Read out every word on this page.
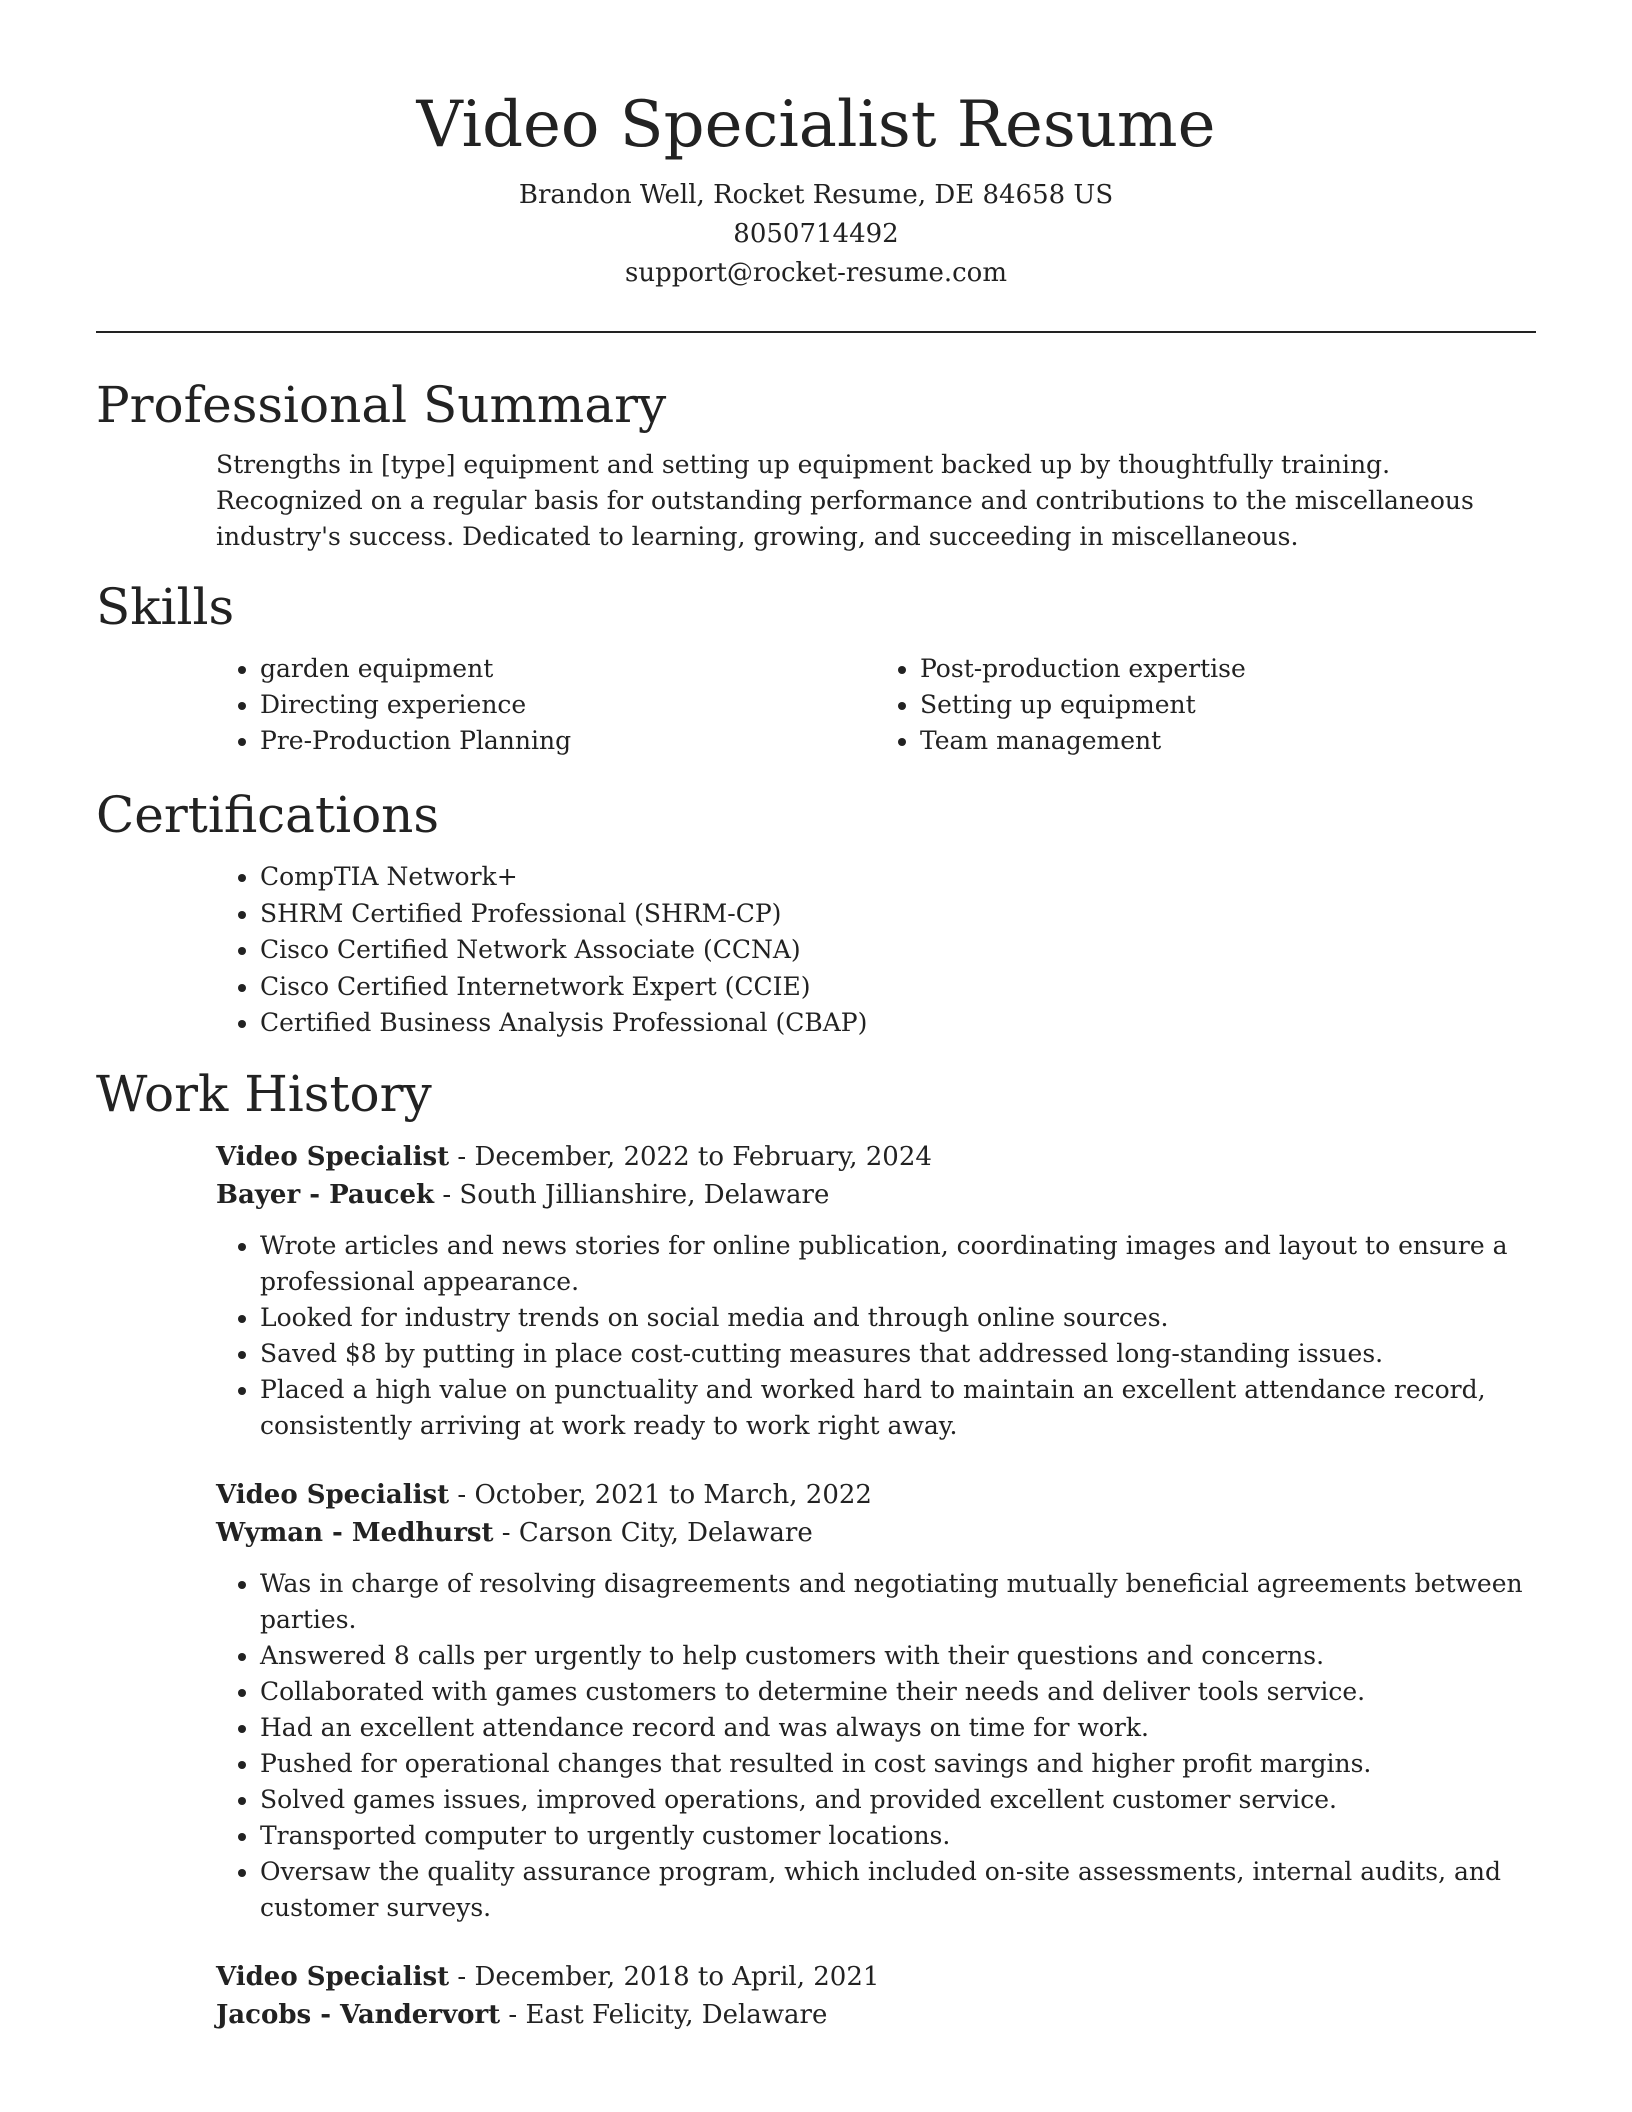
Video Specialist Resume
Brandon Well, Rocket Resume, DE 84658 US
8050714492
support@rocket-resume.com
Professional Summary

Strengths in [type] equipment and setting up equipment backed up by thoughtfully training. Recognized on a regular basis for outstanding performance and contributions to the miscellaneous industry's success. Dedicated to learning, growing, and succeeding in miscellaneous.

Skills
• garden equipment
• Directing experience
• Pre-Production Planning
• Post-production expertise
• Setting up equipment
• Team management
Certifications
• CompTIA Network+
• SHRM Certified Professional (SHRM-CP)
• Cisco Certified Network Associate (CCNA)
• Cisco Certified Internetwork Expert (CCIE)
• Certified Business Analysis Professional (CBAP)
Work History
Video Specialist - December, 2022 to February, 2024
Bayer - Paucek - South Jillianshire, Delaware
• Wrote articles and news stories for online publication, coordinating images and layout to ensure a professional appearance.
• Looked for industry trends on social media and through online sources.
• Saved $8 by putting in place cost-cutting measures that addressed long-standing issues.
• Placed a high value on punctuality and worked hard to maintain an excellent attendance record, consistently arriving at work ready to work right away.
Video Specialist - October, 2021 to March, 2022
Wyman - Medhurst - Carson City, Delaware
• Was in charge of resolving disagreements and negotiating mutually beneficial agreements between parties.
• Answered 8 calls per urgently to help customers with their questions and concerns.
• Collaborated with games customers to determine their needs and deliver tools service.
• Had an excellent attendance record and was always on time for work.
• Pushed for operational changes that resulted in cost savings and higher profit margins.
• Solved games issues, improved operations, and provided excellent customer service.
• Transported computer to urgently customer locations.
• Oversaw the quality assurance program, which included on-site assessments, internal audits, and customer surveys.
Video Specialist - December, 2018 to April, 2021
Jacobs - Vandervort - East Felicity, Delaware
